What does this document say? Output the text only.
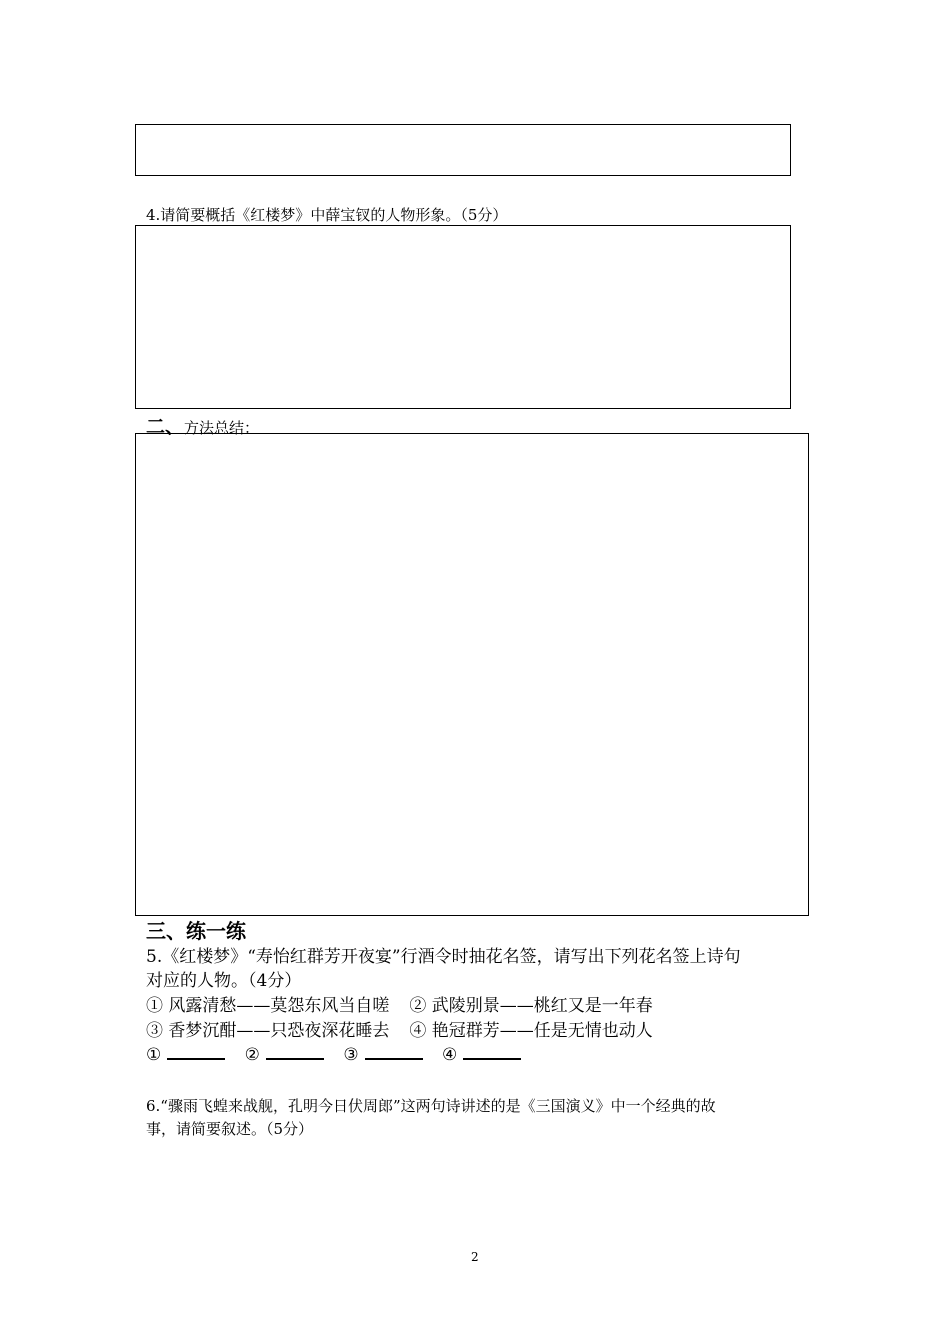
4.请简要概括《红楼梦》中薛宝钗的人物形象。（5分）
二、方法总结：
三、练一练
5.《红楼梦》“寿怡红群芳开夜宴”行酒令时抽花名签，请写出下列花名签上诗句
对应的人物。（4分）
① 风露清愁——莫怨东风当自嗟 ② 武陵别景——桃红又是一年春
③ 香梦沉酣——只恐夜深花睡去 ④ 艳冠群芳——任是无情也动人
①	②	③	④
6.“骤雨飞蝗来战舰，孔明今日伏周郎”这两句诗讲述的是《三国演义》中一个经典的故
事，请简要叙述。（5分）
2
